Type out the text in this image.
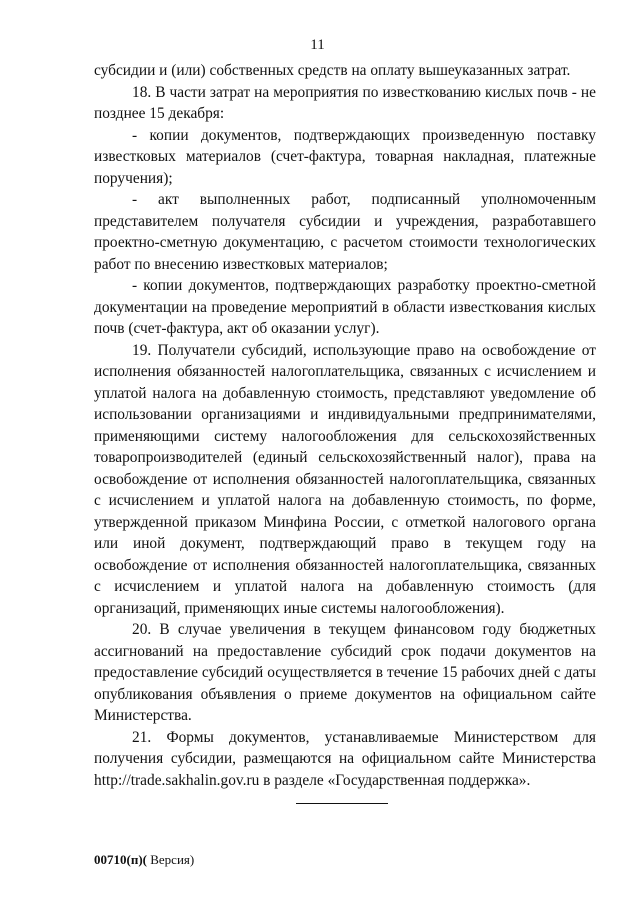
11

субсидии и (или) собственных средств на оплату вышеуказанных затрат.

18. В части затрат на мероприятия по известкованию кислых почв - не позднее 15 декабря:

- копии документов, подтверждающих произведенную поставку известковых материалов (счет-фактура, товарная накладная, платежные поручения);

- акт выполненных работ, подписанный уполномоченным представителем получателя субсидии и учреждения, разработавшего проектно-сметную документацию, с расчетом стоимости технологических работ по внесению известковых материалов;

- копии документов, подтверждающих разработку проектно-сметной документации на проведение мероприятий в области известкования кислых почв (счет-фактура, акт об оказании услуг).

19. Получатели субсидий, использующие право на освобождение от исполнения обязанностей налогоплательщика, связанных с исчислением и уплатой налога на добавленную стоимость, представляют уведомление об использовании организациями и индивидуальными предпринимателями, применяющими систему налогообложения для сельскохозяйственных товаропроизводителей (единый сельскохозяйственный налог), права на освобождение от исполнения обязанностей налогоплательщика, связанных с исчислением и уплатой налога на добавленную стоимость, по форме, утвержденной приказом Минфина России, с отметкой налогового органа или иной документ, подтверждающий право в текущем году на освобождение от исполнения обязанностей налогоплательщика, связанных с исчислением и уплатой налога на добавленную стоимость (для организаций, применяющих иные системы налогообложения).

20. В случае увеличения в текущем финансовом году бюджетных ассигнований на предоставление субсидий срок подачи документов на предоставление субсидий осуществляется в течение 15 рабочих дней с даты опубликования объявления о приеме документов на официальном сайте Министерства.

21. Формы документов, устанавливаемые Министерством для получения субсидии, размещаются на официальном сайте Министерства http://trade.sakhalin.gov.ru в разделе «Государственная поддержка».

00710(п)( Версия)
